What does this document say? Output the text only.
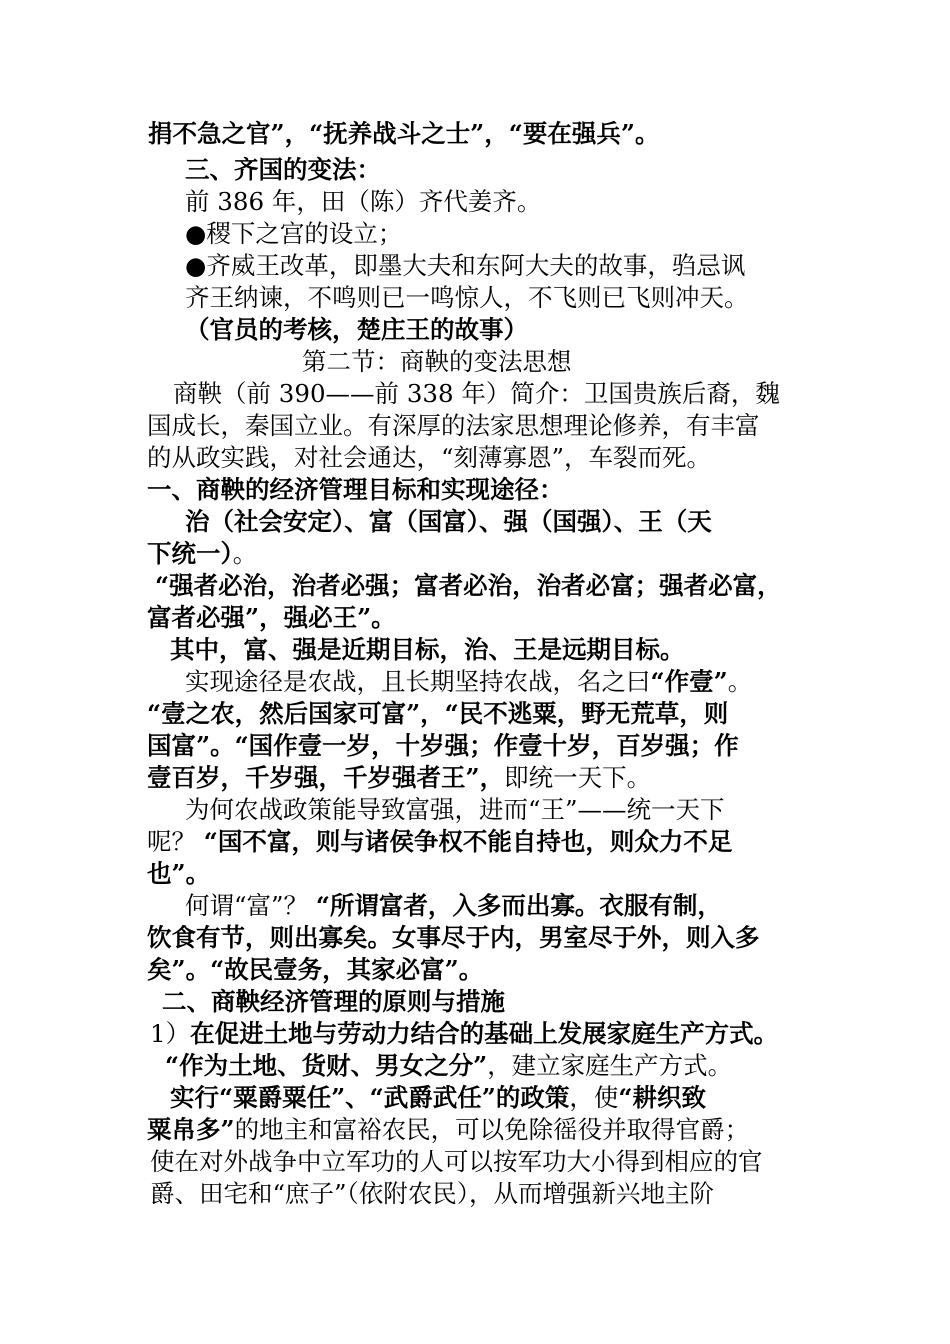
捐不急之官”，“抚养战斗之士”，“要在强兵”。
三、齐国的变法：
前 386 年，田（陈）齐代姜齐。
●稷下之宫的设立；
●齐威王改革，即墨大夫和东阿大夫的故事，驺忌讽
齐王纳谏，不鸣则已一鸣惊人，不飞则已飞则冲天。
（官员的考核，楚庄王的故事）
第二节：商鞅的变法思想
商鞅（前 390——前 338 年）简介：卫国贵族后裔，魏
国成长，秦国立业。有深厚的法家思想理论修养，有丰富
的从政实践，对社会通达，“刻薄寡恩”，车裂而死。
一、商鞅的经济管理目标和实现途径：
治（社会安定）、富（国富）、强（国强）、王（天
下统一）。
“强者必治，治者必强；富者必治，治者必富；强者必富，
富者必强”，强必王”。
其中，富、强是近期目标，治、王是远期目标。
实现途径是农战，且长期坚持农战，名之曰“作壹”。
“壹之农，然后国家可富”，“民不逃粟，野无荒草，则
国富”。“国作壹一岁，十岁强；作壹十岁，百岁强；作
壹百岁，千岁强，千岁强者王”，即统一天下。
为何农战政策能导致富强，进而“王”——统一天下
呢？ “国不富，则与诸侯争权不能自持也，则众力不足
也”。
何谓“富”？ “所谓富者，入多而出寡。衣服有制，
饮食有节，则出寡矣。女事尽于内，男室尽于外，则入多
矣”。“故民壹务，其家必富”。
二、商鞅经济管理的原则与措施
1）在促进土地与劳动力结合的基础上发展家庭生产方式。
“作为土地、货财、男女之分”，建立家庭生产方式。
实行“粟爵粟任”、“武爵武任”的政策，使“耕织致
粟帛多”的地主和富裕农民，可以免除徭役并取得官爵；
使在对外战争中立军功的人可以按军功大小得到相应的官
爵、田宅和“庶子”（依附农民），从而增强新兴地主阶
